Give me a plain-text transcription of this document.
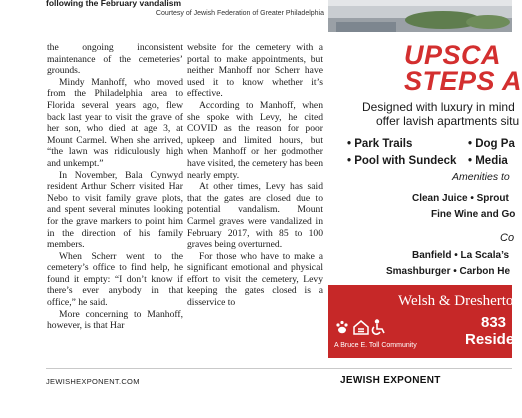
following the February vandalism
Courtesy of Jewish Federation of Greater Philadelphia

the ongoing inconsistent maintenance of the cemeteries’ grounds.

Mindy Manhoff, who moved from the Philadelphia area to Florida several years ago, flew back last year to visit the grave of her son, who died at age 3, at Mount Carmel. When she arrived, “the lawn was ridiculously high and unkempt.”

In November, Bala Cynwyd resident Arthur Scherr visited Har Nebo to visit family grave plots, and spent several minutes looking for the grave markers to point him in the direction of his family members.

When Scherr went to the cemetery’s office to find help, he found it empty: “I don’t know if there’s ever anybody in that office,” he said.

More concerning to Manhoff, however, is that Har

website for the cemetery with a portal to make appointments, but neither Manhoff nor Scherr have used it to know whether it’s effective.

According to Manhoff, when she spoke with Levy, he cited COVID as the reason for poor upkeep and limited hours, but when Manhoff or her godmother have visited, the cemetery has been nearly empty.

At other times, Levy has said that the gates are closed due to potential vandalism. Mount Carmel graves were vandalized in February 2017, with 85 to 100 graves being overturned.

For those who have to make a significant emotional and physical effort to visit the cemetery, Levy keeping the gates closed is a disservice to

UPSCA
STEPS A
Designed with luxury in mind
offer lavish apartments situ
• Park Trails	• Dog Pa
• Pool with Sundeck • Media
Amenities to
Clean Juice • Sprout
Fine Wine and Go
Co
Banfield • La Scala’s
Smashburger • Carbon He
Welsh & Dresherto
833
Reside
A Bruce E. Toll Community
JEWISHEXPONENT.COM	JEWISH EXPONENT
